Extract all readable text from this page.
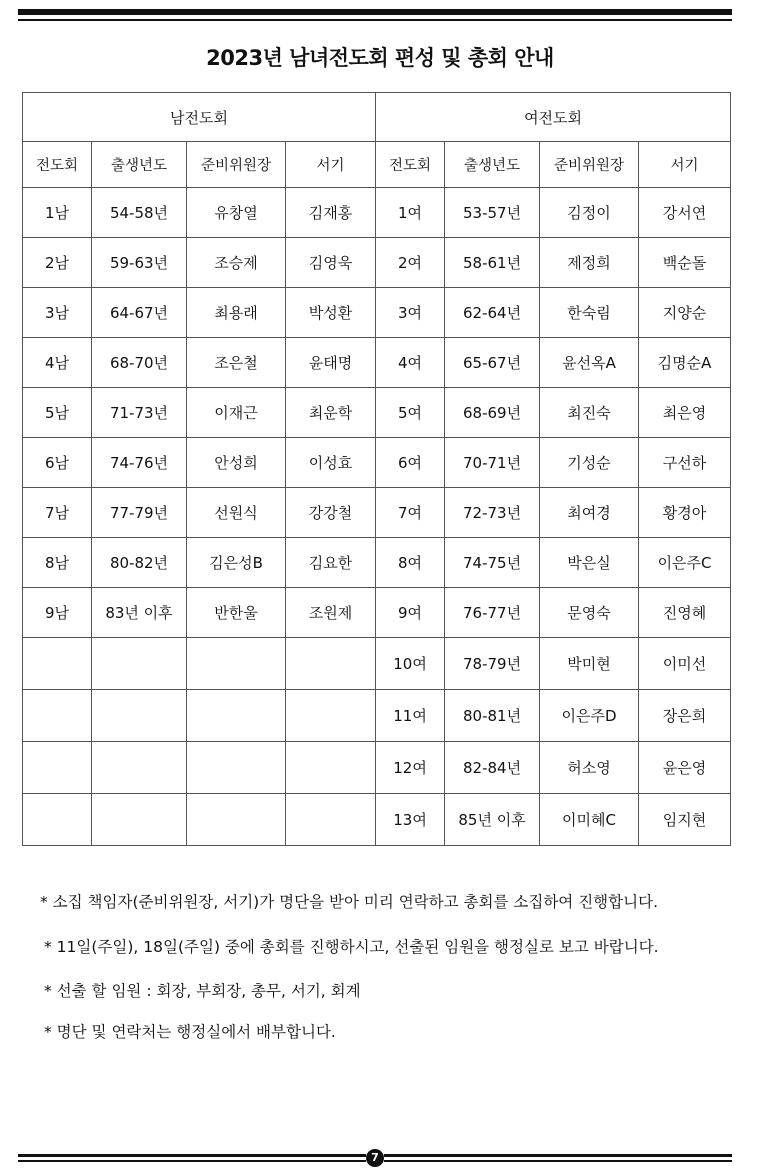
2023년 남녀전도회 편성 및 총회 안내
남전도회				여전도회			
전도회	출생년도	준비위원장	서기	전도회	출생년도	준비위원장	서기
1남	54-58년	유창열	김재홍	1여	53-57년	김정이	강서연
2남	59-63년	조승제	김영욱	2여	58-61년	제정희	백순돌
3남	64-67년	최용래	박성환	3여	62-64년	한숙림	지양순
4남	68-70년	조은철	윤태명	4여	65-67년	윤선옥A	김명순A
5남	71-73년	이재근	최운학	5여	68-69년	최진숙	최은영
6남	74-76년	안성희	이성효	6여	70-71년	기성순	구선하
7남	77-79년	선원식	강강철	7여	72-73년	최여경	황경아
8남	80-82년	김은성B	김요한	8여	74-75년	박은실	이은주C
9남	83년 이후	반한울	조원제	9여	76-77년	문영숙	진영혜
				10여	78-79년	박미현	이미선
				11여	80-81년	이은주D	장은희
				12여	82-84년	허소영	윤은영
				13여	85년 이후	이미혜C	임지현
* 소집 책임자(준비위원장, 서기)가 명단을 받아 미리 연락하고 총회를 소집하여 진행합니다.
* 11일(주일), 18일(주일) 중에 총회를 진행하시고, 선출된 임원을 행정실로 보고 바랍니다.
* 선출 할 임원 : 회장, 부회장, 총무, 서기, 회계
* 명단 및 연락처는 행정실에서 배부합니다.
7
